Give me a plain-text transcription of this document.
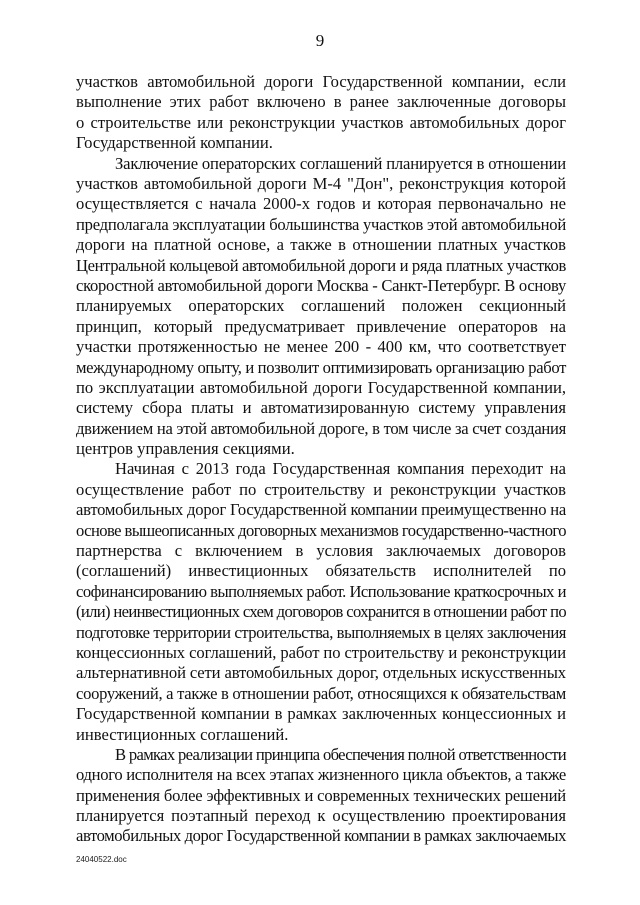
9
участков автомобильной дороги Государственной компании, если
выполнение этих работ включено в ранее заключенные договоры
о строительстве или реконструкции участков автомобильных дорог
Государственной компании.
Заключение операторских соглашений планируется в отношении
участков автомобильной дороги М-4 "Дон", реконструкция которой
осуществляется с начала 2000-х годов и которая первоначально не
предполагала эксплуатации большинства участков этой автомобильной
дороги на платной основе, а также в отношении платных участков
Центральной кольцевой автомобильной дороги и ряда платных участков
скоростной автомобильной дороги Москва - Санкт-Петербург. В основу
планируемых операторских соглашений положен секционный
принцип, который предусматривает привлечение операторов на
участки протяженностью не менее 200 - 400 км, что соответствует
международному опыту, и позволит оптимизировать организацию работ
по эксплуатации автомобильной дороги Государственной компании,
систему сбора платы и автоматизированную систему управления
движением на этой автомобильной дороге, в том числе за счет создания
центров управления секциями.
Начиная с 2013 года Государственная компания переходит на
осуществление работ по строительству и реконструкции участков
автомобильных дорог Государственной компании преимущественно на
основе вышеописанных договорных механизмов государственно-частного
партнерства с включением в условия заключаемых договоров
(соглашений) инвестиционных обязательств исполнителей по
софинансированию выполняемых работ. Использование краткосрочных и
(или) неинвестиционных схем договоров сохранится в отношении работ по
подготовке территории строительства, выполняемых в целях заключения
концессионных соглашений, работ по строительству и реконструкции
альтернативной сети автомобильных дорог, отдельных искусственных
сооружений, а также в отношении работ, относящихся к обязательствам
Государственной компании в рамках заключенных концессионных и
инвестиционных соглашений.
В рамках реализации принципа обеспечения полной ответственности
одного исполнителя на всех этапах жизненного цикла объектов, а также
применения более эффективных и современных технических решений
планируется поэтапный переход к осуществлению проектирования
автомобильных дорог Государственной компании в рамках заключаемых
24040522.doc
